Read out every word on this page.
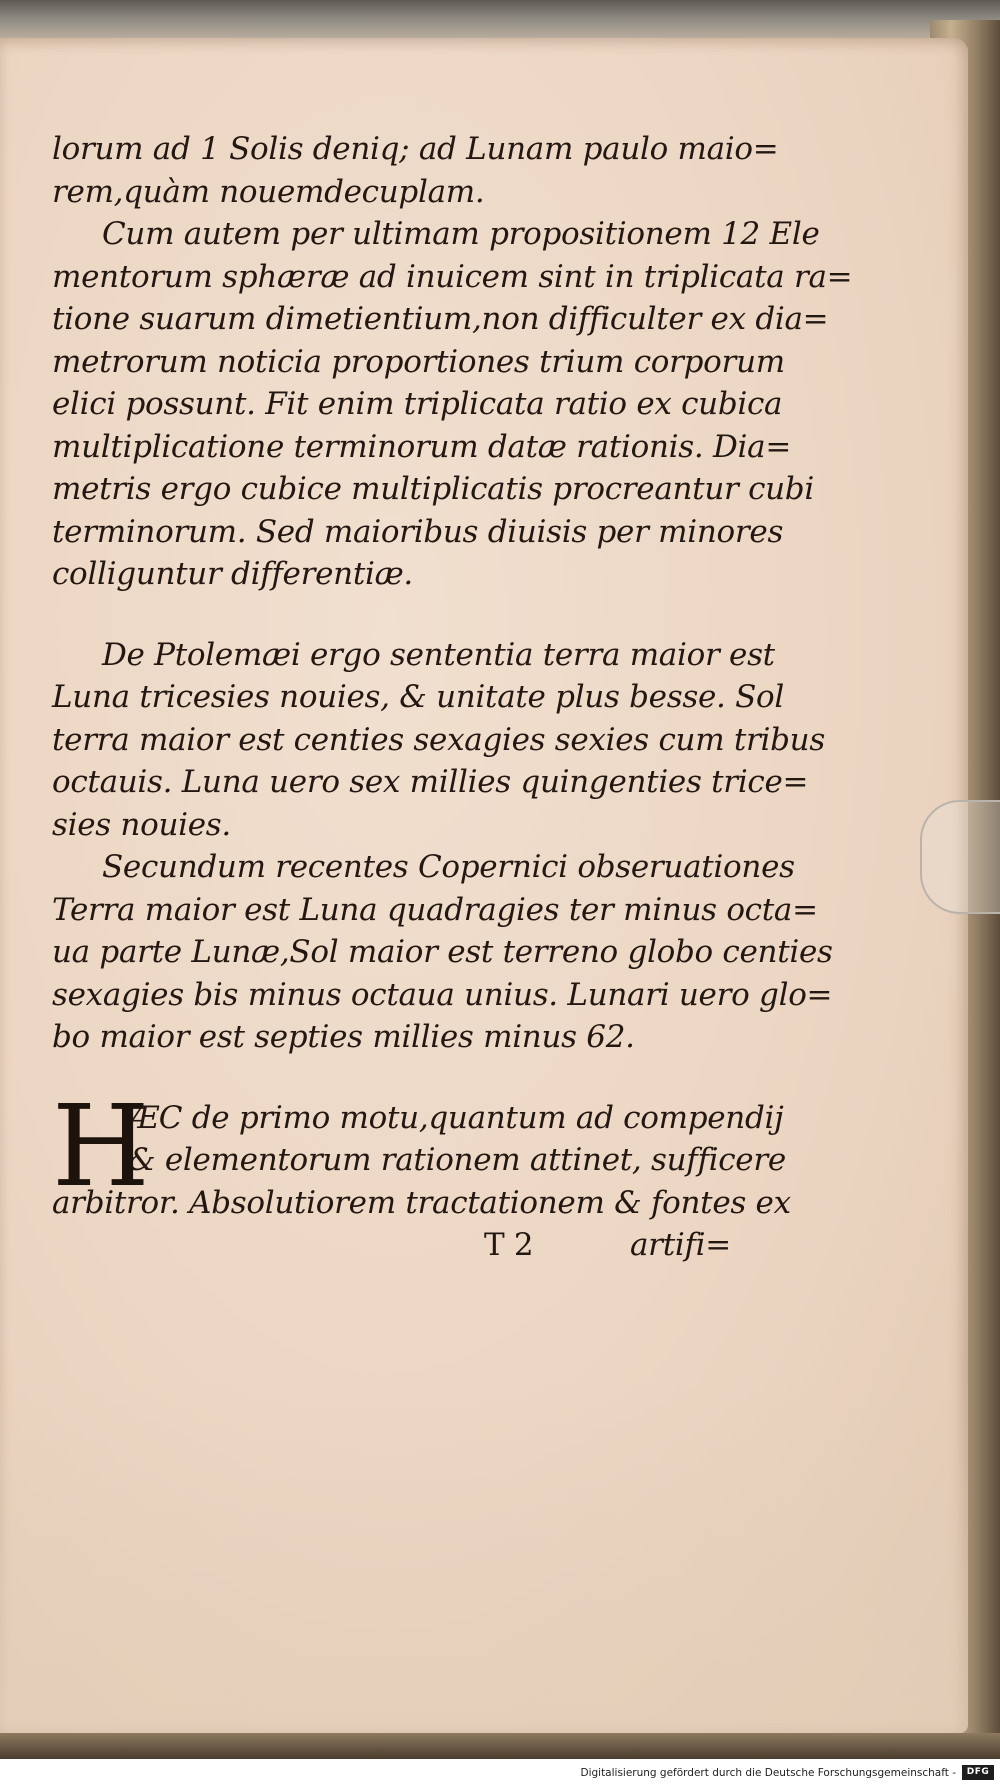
lorum ad 1 Solis deniq; ad Lunam paulo maio=
rem,quàm nouemdecuplam.
Cum autem per ultimam propositionem 12 Ele
mentorum sphæræ ad inuicem sint in triplicata ra=
tione suarum dimetientium,non difficulter ex dia=
metrorum noticia proportiones trium corporum
elici possunt. Fit enim triplicata ratio ex cubica
multiplicatione terminorum datæ rationis. Dia=
metris ergo cubice multiplicatis procreantur cubi
terminorum. Sed maioribus diuisis per minores
colliguntur differentiæ.
De Ptolemæi ergo sententia terra maior est
Luna tricesies nouies, & unitate plus besse. Sol
terra maior est centies sexagies sexies cum tribus
octauis. Luna uero sex millies quingenties trice=
sies nouies.
Secundum recentes Copernici obseruationes
Terra maior est Luna quadragies ter minus octa=
ua parte Lunæ,Sol maior est terreno globo centies
sexagies bis minus octaua unius. Lunari uero glo=
bo maior est septies millies minus 62.
H
ÆC de primo motu,quantum ad compendij
& elementorum rationem attinet, sufficere
arbitror. Absolutiorem tractationem & fontes ex
T 2	artifi=
Digitalisierung gefördert durch die Deutsche Forschungsgemeinschaft -	DFG
